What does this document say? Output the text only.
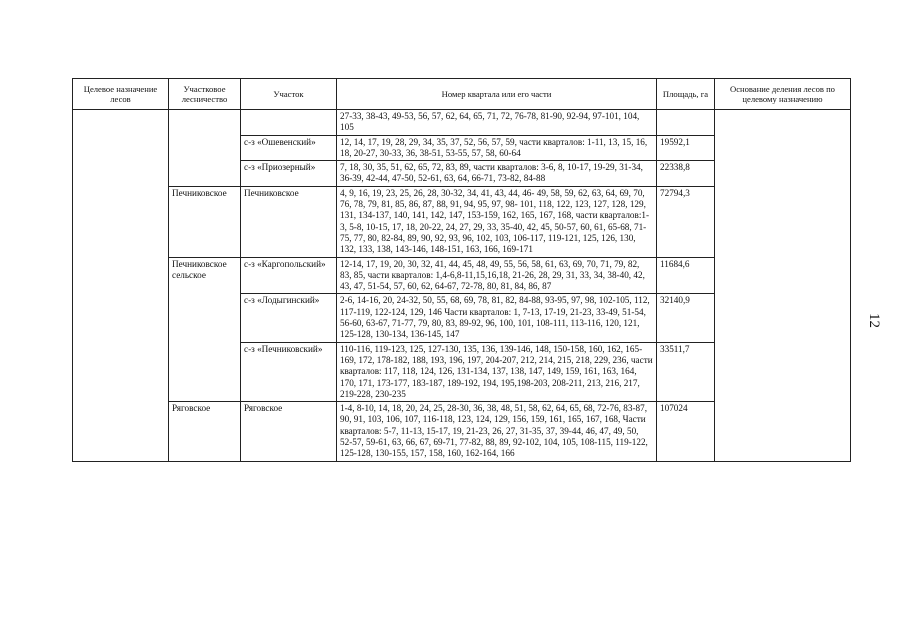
Целевое назначение лесов	Участковое лесничество	Участок	Номер квартала или его части	Площадь, га	Основание деления лесов по целевому назначению
			27-33, 38-43, 49-53, 56, 57, 62, 64, 65, 71, 72, 76-78, 81-90, 92-94, 97-101, 104, 105		
		с-з «Ошевенский»	12, 14, 17, 19, 28, 29, 34, 35, 37, 52, 56, 57, 59, части кварталов: 1-11, 13, 15, 16, 18, 20-27, 30-33, 36, 38-51, 53-55, 57, 58, 60-64	19592,1	
		с-з «Приозерный»	7, 18, 30, 35, 51, 62, 65, 72, 83, 89, части кварталов: 3-6, 8, 10-17, 19-29, 31-34, 36-39, 42-44, 47-50, 52-61, 63, 64, 66-71, 73-82, 84-88	22338,8	
	Печниковское	Печниковское	4, 9, 16, 19, 23, 25, 26, 28, 30-32, 34, 41, 43, 44, 46- 49, 58, 59, 62, 63, 64, 69, 70, 76, 78, 79, 81, 85, 86, 87, 88, 91, 94, 95, 97, 98- 101, 118, 122, 123, 127, 128, 129, 131, 134-137, 140, 141, 142, 147, 153-159, 162, 165, 167, 168, части кварталов:1-3, 5-8, 10-15, 17, 18, 20-22, 24, 27, 29, 33, 35-40, 42, 45, 50-57, 60, 61, 65-68, 71-75, 77, 80, 82-84, 89, 90, 92, 93, 96, 102, 103, 106-117, 119-121, 125, 126, 130, 132, 133, 138, 143-146, 148-151, 163, 166, 169-171	72794,3	
	Печниковское сельское	с-з «Каргопольский»	12-14, 17, 19, 20, 30, 32, 41, 44, 45, 48, 49, 55, 56, 58, 61, 63, 69, 70, 71, 79, 82, 83, 85, части кварталов: 1,4-6,8-11,15,16,18, 21-26, 28, 29, 31, 33, 34, 38-40, 42, 43, 47, 51-54, 57, 60, 62, 64-67, 72-78, 80, 81, 84, 86, 87	11684,6	
		с-з «Лодыгинский»	2-6, 14-16, 20, 24-32, 50, 55, 68, 69, 78, 81, 82, 84-88, 93-95, 97, 98, 102-105, 112, 117-119, 122-124, 129, 146 Части кварталов: 1, 7-13, 17-19, 21-23, 33-49, 51-54, 56-60, 63-67, 71-77, 79, 80, 83, 89-92, 96, 100, 101, 108-111, 113-116, 120, 121, 125-128, 130-134, 136-145, 147	32140,9	
		с-з «Печниковский»	110-116, 119-123, 125, 127-130, 135, 136, 139-146, 148, 150-158, 160, 162, 165-169, 172, 178-182, 188, 193, 196, 197, 204-207, 212, 214, 215, 218, 229, 236, части кварталов: 117, 118, 124, 126, 131-134, 137, 138, 147, 149, 159, 161, 163, 164, 170, 171, 173-177, 183-187, 189-192, 194, 195,198-203, 208-211, 213, 216, 217, 219-228, 230-235	33511,7	
	Ряговское	Ряговское	1-4, 8-10, 14, 18, 20, 24, 25, 28-30, 36, 38, 48, 51, 58, 62, 64, 65, 68, 72-76, 83-87, 90, 91, 103, 106, 107, 116-118, 123, 124, 129, 156, 159, 161, 165, 167, 168, Части кварталов: 5-7, 11-13, 15-17, 19, 21-23, 26, 27, 31-35, 37, 39-44, 46, 47, 49, 50, 52-57, 59-61, 63, 66, 67, 69-71, 77-82, 88, 89, 92-102, 104, 105, 108-115, 119-122, 125-128, 130-155, 157, 158, 160, 162-164, 166	107024	
12
